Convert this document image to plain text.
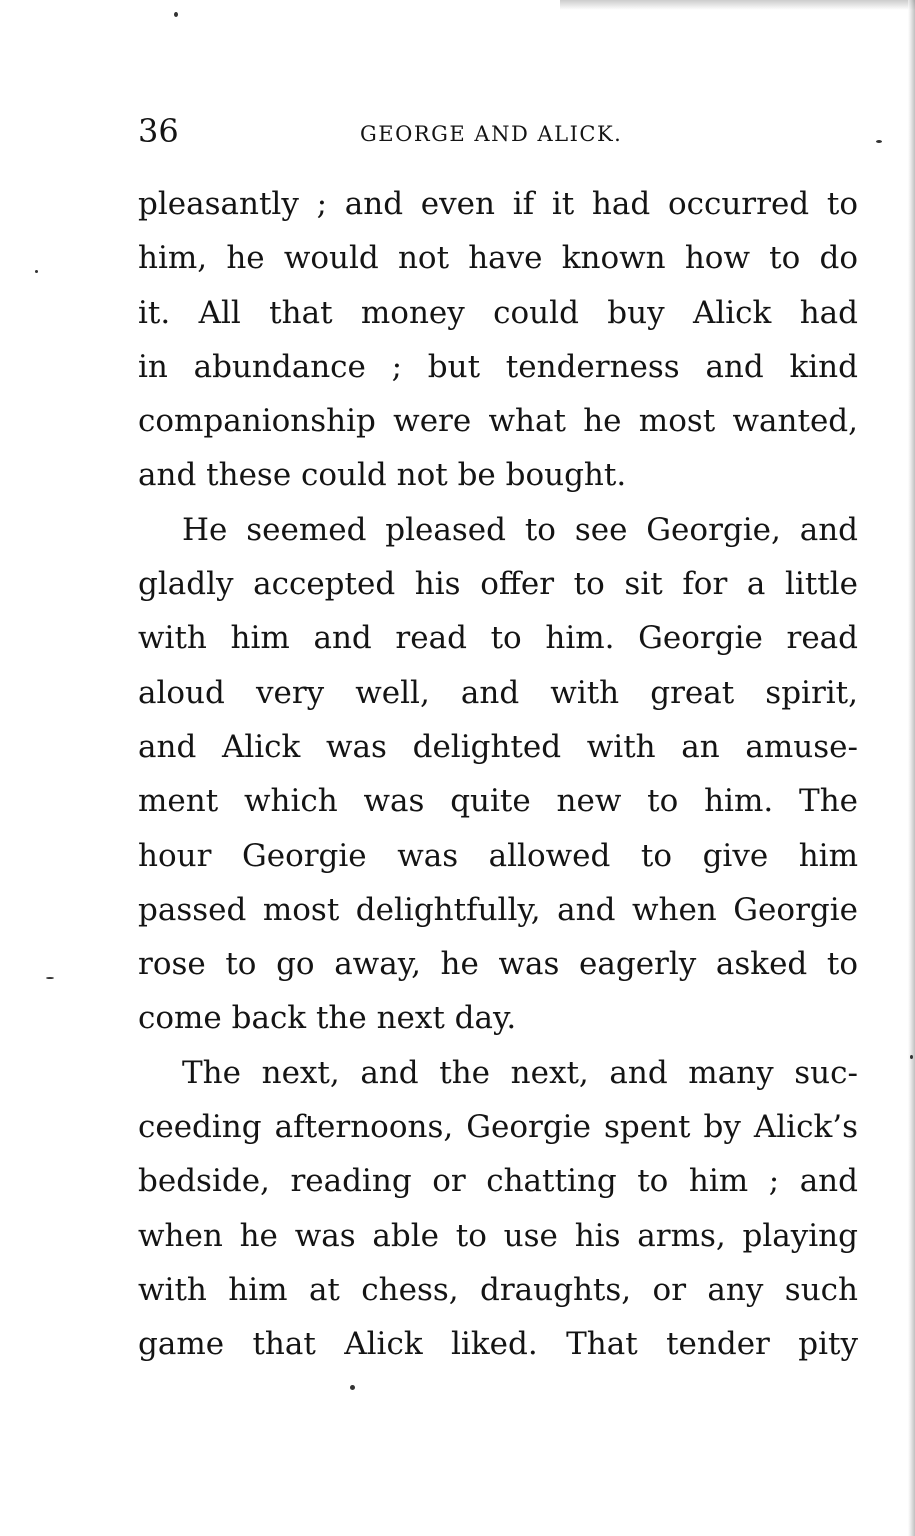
36	GEORGE AND ALICK.
pleasantly ; and even if it had occurred to
him, he would not have known how to do
it. All that money could buy Alick had
in abundance ; but tenderness and kind
companionship were what he most wanted,
and these could not be bought.
He seemed pleased to see Georgie, and
gladly accepted his offer to sit for a little
with him and read to him. Georgie read
aloud very well, and with great spirit,
and Alick was delighted with an amuse-
ment which was quite new to him. The
hour Georgie was allowed to give him
passed most delightfully, and when Georgie
rose to go away, he was eagerly asked to
come back the next day.
The next, and the next, and many suc-
ceeding afternoons, Georgie spent by Alick’s
bedside, reading or chatting to him ; and
when he was able to use his arms, playing
with him at chess, draughts, or any such
game that Alick liked. That tender pity
